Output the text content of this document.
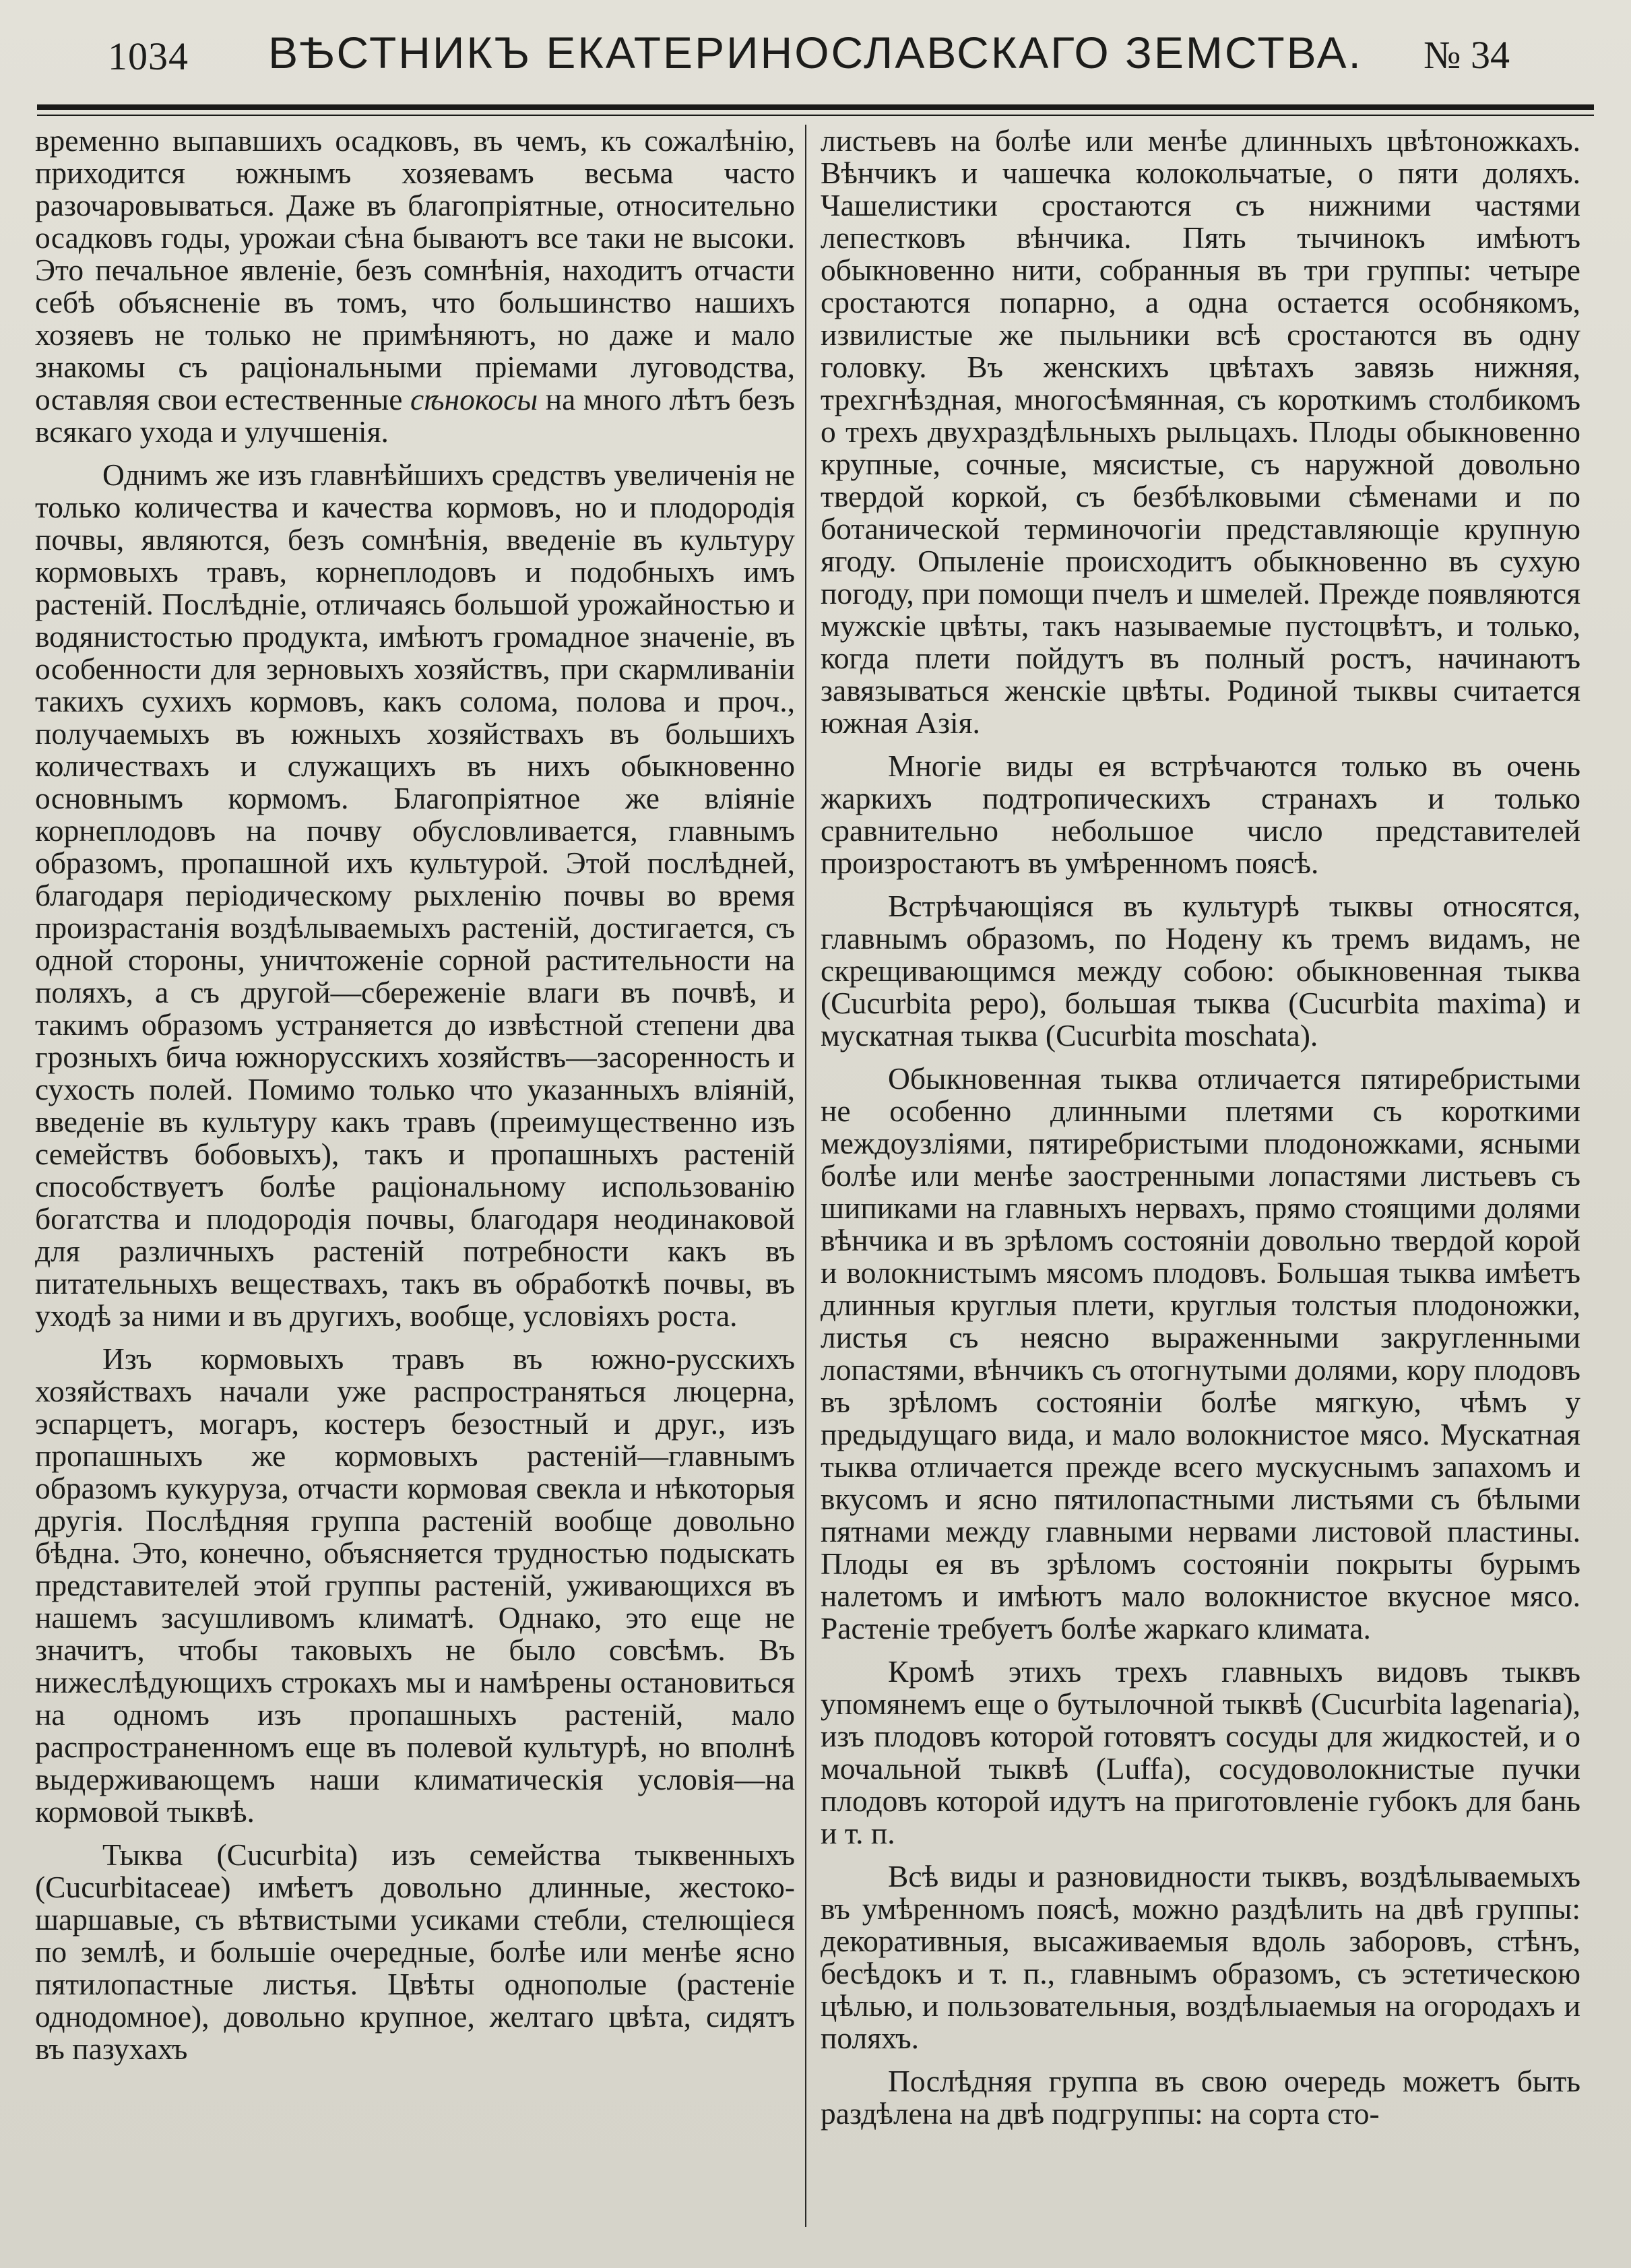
1034	ВѢСТНИКЪ ЕКАТЕРИНОСЛАВСКАГО ЗЕМСТВА.	№ 34

временно выпавшихъ осадковъ, въ чемъ, къ сожалѣнію, приходится южнымъ хозяевамъ весьма часто разочаровываться. Даже въ благопріятные, относительно осадковъ годы, урожаи сѣна бываютъ все таки не высоки. Это печальное явленіе, безъ сомнѣнія, находитъ отчасти себѣ объясненіе въ томъ, что большинство нашихъ хозяевъ не только не примѣняютъ, но даже и мало знакомы съ раціональными пріемами луговодства, оставляя свои естественные сѣнокосы на много лѣтъ безъ всякаго ухода и улучшенія.

Однимъ же изъ главнѣйшихъ средствъ увеличенія не только количества и качества кормовъ, но и плодородія почвы, являются, безъ сомнѣнія, введеніе въ культуру кормовыхъ травъ, корнеплодовъ и подобныхъ имъ растеній. Послѣдніе, отличаясь большой урожайностью и водянистостью продукта, имѣютъ громадное значеніе, въ особенности для зерновыхъ хозяйствъ, при скармливаніи такихъ сухихъ кормовъ, какъ солома, полова и проч., получаемыхъ въ южныхъ хозяйствахъ въ большихъ количествахъ и служащихъ въ нихъ обыкновенно основнымъ кормомъ. Благопріятное же вліяніе корнеплодовъ на почву обусловливается, главнымъ образомъ, пропашной ихъ культурой. Этой послѣдней, благодаря періодическому рыхленію почвы во время произрастанія воздѣлываемыхъ растеній, достигается, съ одной стороны, уничтоженіе сорной растительности на поляхъ, а съ другой—сбереженіе влаги въ почвѣ, и такимъ образомъ устраняется до извѣстной степени два грозныхъ бича южнорусскихъ хозяйствъ—засоренность и сухость полей. Помимо только что указанныхъ вліяній, введеніе въ культуру какъ травъ (преимущественно изъ семействъ бобовыхъ), такъ и пропашныхъ растеній способствуетъ болѣе раціональному использованію богатства и плодородія почвы, благодаря неодинаковой для различныхъ растеній потребности какъ въ питательныхъ веществахъ, такъ въ обработкѣ почвы, въ уходѣ за ними и въ другихъ, вообще, условіяхъ роста.

Изъ кормовыхъ травъ въ южно-русскихъ хозяйствахъ начали уже распространяться люцерна, эспарцетъ, могаръ, костеръ безостный и друг., изъ пропашныхъ же кормовыхъ растеній—главнымъ образомъ кукуруза, отчасти кормовая свекла и нѣкоторыя другія. Послѣдняя группа растеній вообще довольно бѣдна. Это, конечно, объясняется трудностью подыскать представителей этой группы растеній, уживающихся въ нашемъ засушливомъ климатѣ. Однако, это еще не значитъ, чтобы таковыхъ не было совсѣмъ. Въ нижеслѣдующихъ строкахъ мы и намѣрены остановиться на одномъ изъ пропашныхъ растеній, мало распространенномъ еще въ полевой культурѣ, но вполнѣ выдерживающемъ наши климатическія условія—на кормовой тыквѣ.

Тыква (Cucurbita) изъ семейства тыквенныхъ (Cucurbitaceae) имѣетъ довольно длинные, жестоко-шаршавые, съ вѣтвистыми усиками стебли, стелющіеся по землѣ, и большіе очередные, болѣе или менѣе ясно пятилопастные листья. Цвѣты однополые (растеніе однодомное), довольно крупное, желтаго цвѣта, сидятъ въ пазухахъ

листьевъ на болѣе или менѣе длинныхъ цвѣтоножкахъ. Вѣнчикъ и чашечка колокольчатые, о пяти доляхъ. Чашелистики сростаются съ нижними частями лепестковъ вѣнчика. Пять тычинокъ имѣютъ обыкновенно нити, собранныя въ три группы: четыре сростаются попарно, а одна остается особнякомъ, извилистые же пыльники всѣ сростаются въ одну головку. Въ женскихъ цвѣтахъ завязь нижняя, трехгнѣздная, многосѣмянная, съ короткимъ столбикомъ о трехъ двухраздѣльныхъ рыльцахъ. Плоды обыкновенно крупные, сочные, мясистые, съ наружной довольно твердой коркой, съ безбѣлковыми сѣменами и по ботанической терминочогіи представляющіе крупную ягоду. Опыленіе происходитъ обыкновенно въ сухую погоду, при помощи пчелъ и шмелей. Прежде появляются мужскіе цвѣты, такъ называемые пустоцвѣтъ, и только, когда плети пойдутъ въ полный ростъ, начинаютъ завязываться женскіе цвѣты. Родиной тыквы считается южная Азія.

Многіе виды ея встрѣчаются только въ очень жаркихъ подтропическихъ странахъ и только сравнительно небольшое число представителей произростаютъ въ умѣренномъ поясѣ.

Встрѣчающіяся въ культурѣ тыквы относятся, главнымъ образомъ, по Нодену къ тремъ видамъ, не скрещивающимся между собою: обыкновенная тыква (Cucurbita pepo), большая тыква (Cucurbita maxima) и мускатная тыква (Cucurbita moschata).

Обыкновенная тыква отличается пятиребристыми не особенно длинными плетями съ короткими междоузліями, пятиребристыми плодоножками, ясными болѣе или менѣе заостренными лопастями листьевъ съ шипиками на главныхъ нервахъ, прямо стоящими долями вѣнчика и въ зрѣломъ состояніи довольно твердой корой и волокнистымъ мясомъ плодовъ. Большая тыква имѣетъ длинныя круглыя плети, круглыя толстыя плодоножки, листья съ неясно выраженными закругленными лопастями, вѣнчикъ съ отогнутыми долями, кору плодовъ въ зрѣломъ состояніи болѣе мягкую, чѣмъ у предыдущаго вида, и мало волокнистое мясо. Мускатная тыква отличается прежде всего мускуснымъ запахомъ и вкусомъ и ясно пятилопастными листьями съ бѣлыми пятнами между главными нервами листовой пластины. Плоды ея въ зрѣломъ состояніи покрыты бурымъ налетомъ и имѣютъ мало волокнистое вкусное мясо. Растеніе требуетъ болѣе жаркаго климата.

Кромѣ этихъ трехъ главныхъ видовъ тыквъ упомянемъ еще о бутылочной тыквѣ (Cucurbita lagenaria), изъ плодовъ которой готовятъ сосуды для жидкостей, и о мочальной тыквѣ (Luffa), сосудоволокнистые пучки плодовъ которой идутъ на приготовленіе губокъ для бань и т. п.

Всѣ виды и разновидности тыквъ, воздѣлываемыхъ въ умѣренномъ поясѣ, можно раздѣлить на двѣ группы: декоративныя, высаживаемыя вдоль заборовъ, стѣнъ, бесѣдокъ и т. п., главнымъ образомъ, съ эстетическою цѣлью, и пользовательныя, воздѣлыаемыя на огородахъ и поляхъ.

Послѣдняя группа въ свою очередь можетъ быть раздѣлена на двѣ подгруппы: на сорта сто-
